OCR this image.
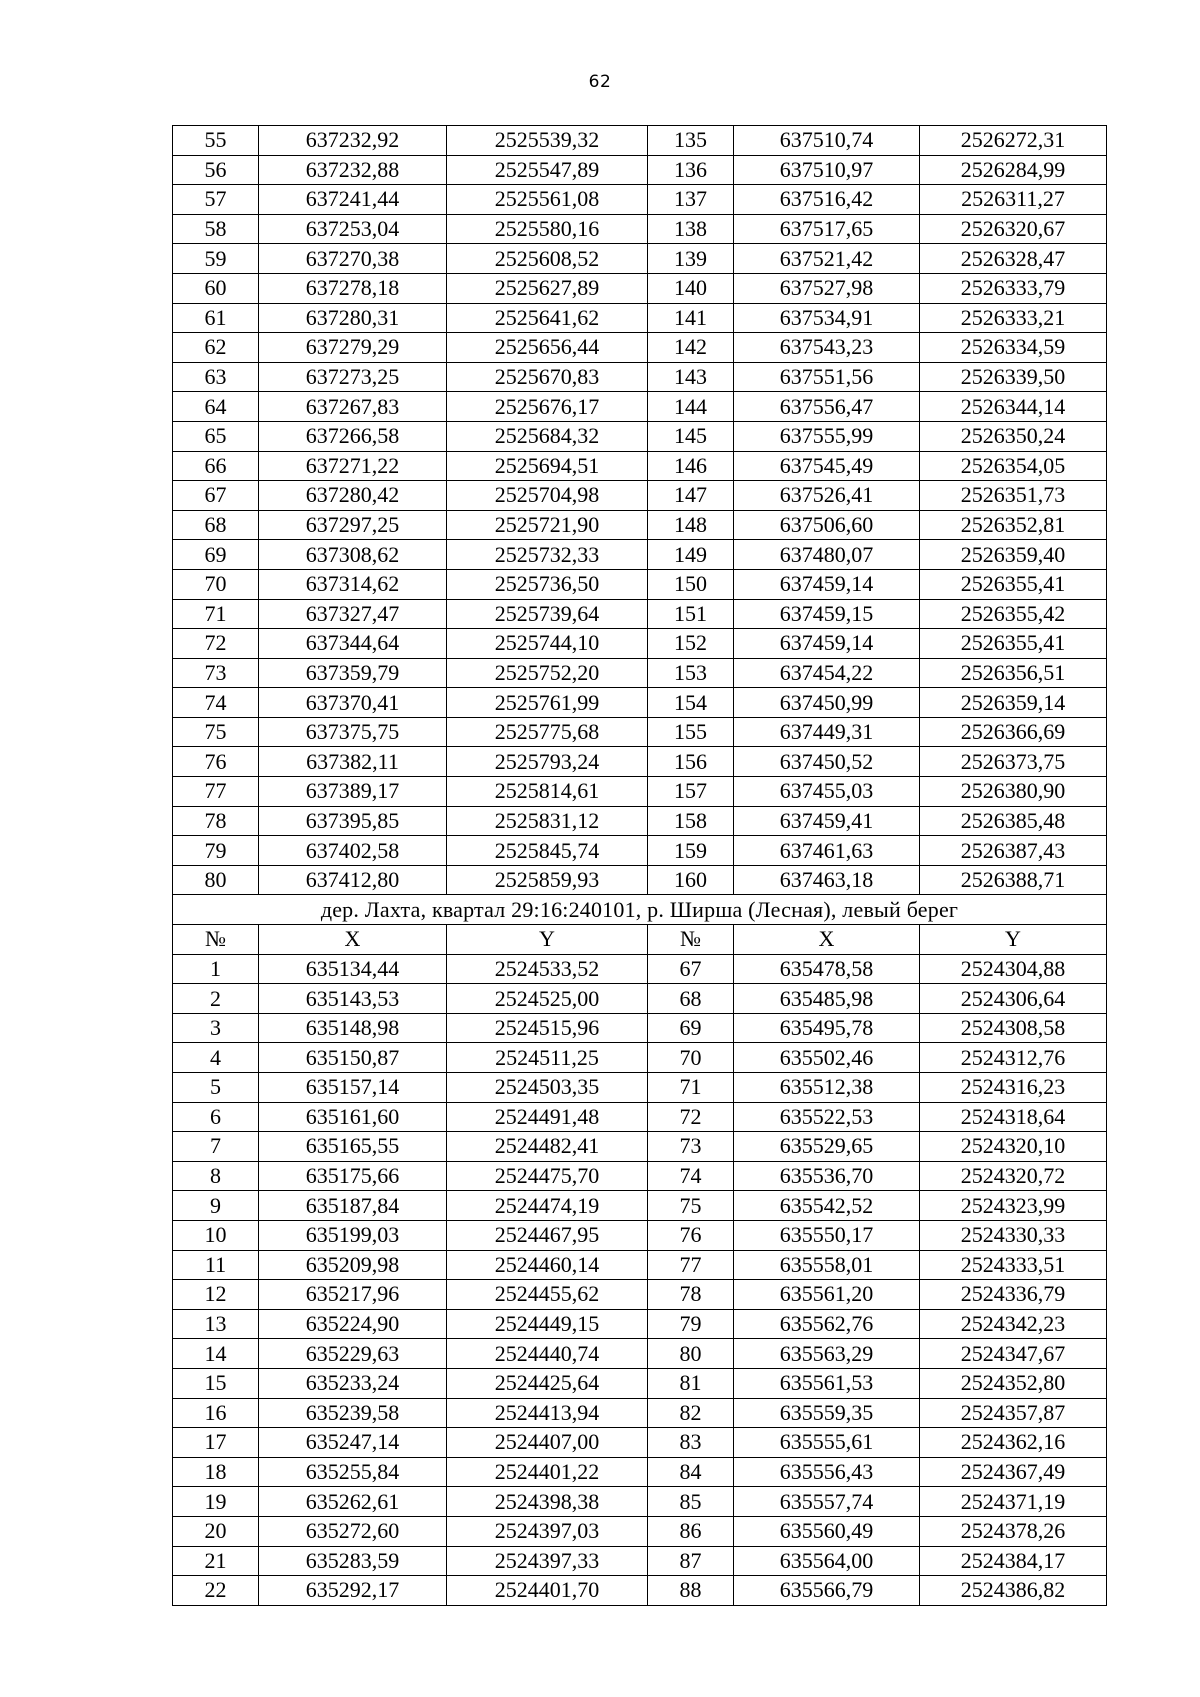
62
55	637232,92	2525539,32	135	637510,74	2526272,31
56	637232,88	2525547,89	136	637510,97	2526284,99
57	637241,44	2525561,08	137	637516,42	2526311,27
58	637253,04	2525580,16	138	637517,65	2526320,67
59	637270,38	2525608,52	139	637521,42	2526328,47
60	637278,18	2525627,89	140	637527,98	2526333,79
61	637280,31	2525641,62	141	637534,91	2526333,21
62	637279,29	2525656,44	142	637543,23	2526334,59
63	637273,25	2525670,83	143	637551,56	2526339,50
64	637267,83	2525676,17	144	637556,47	2526344,14
65	637266,58	2525684,32	145	637555,99	2526350,24
66	637271,22	2525694,51	146	637545,49	2526354,05
67	637280,42	2525704,98	147	637526,41	2526351,73
68	637297,25	2525721,90	148	637506,60	2526352,81
69	637308,62	2525732,33	149	637480,07	2526359,40
70	637314,62	2525736,50	150	637459,14	2526355,41
71	637327,47	2525739,64	151	637459,15	2526355,42
72	637344,64	2525744,10	152	637459,14	2526355,41
73	637359,79	2525752,20	153	637454,22	2526356,51
74	637370,41	2525761,99	154	637450,99	2526359,14
75	637375,75	2525775,68	155	637449,31	2526366,69
76	637382,11	2525793,24	156	637450,52	2526373,75
77	637389,17	2525814,61	157	637455,03	2526380,90
78	637395,85	2525831,12	158	637459,41	2526385,48
79	637402,58	2525845,74	159	637461,63	2526387,43
80	637412,80	2525859,93	160	637463,18	2526388,71
дер. Лахта, квартал 29:16:240101, р. Ширша (Лесная), левый берег					
№	X	Y	№	X	Y
1	635134,44	2524533,52	67	635478,58	2524304,88
2	635143,53	2524525,00	68	635485,98	2524306,64
3	635148,98	2524515,96	69	635495,78	2524308,58
4	635150,87	2524511,25	70	635502,46	2524312,76
5	635157,14	2524503,35	71	635512,38	2524316,23
6	635161,60	2524491,48	72	635522,53	2524318,64
7	635165,55	2524482,41	73	635529,65	2524320,10
8	635175,66	2524475,70	74	635536,70	2524320,72
9	635187,84	2524474,19	75	635542,52	2524323,99
10	635199,03	2524467,95	76	635550,17	2524330,33
11	635209,98	2524460,14	77	635558,01	2524333,51
12	635217,96	2524455,62	78	635561,20	2524336,79
13	635224,90	2524449,15	79	635562,76	2524342,23
14	635229,63	2524440,74	80	635563,29	2524347,67
15	635233,24	2524425,64	81	635561,53	2524352,80
16	635239,58	2524413,94	82	635559,35	2524357,87
17	635247,14	2524407,00	83	635555,61	2524362,16
18	635255,84	2524401,22	84	635556,43	2524367,49
19	635262,61	2524398,38	85	635557,74	2524371,19
20	635272,60	2524397,03	86	635560,49	2524378,26
21	635283,59	2524397,33	87	635564,00	2524384,17
22	635292,17	2524401,70	88	635566,79	2524386,82
